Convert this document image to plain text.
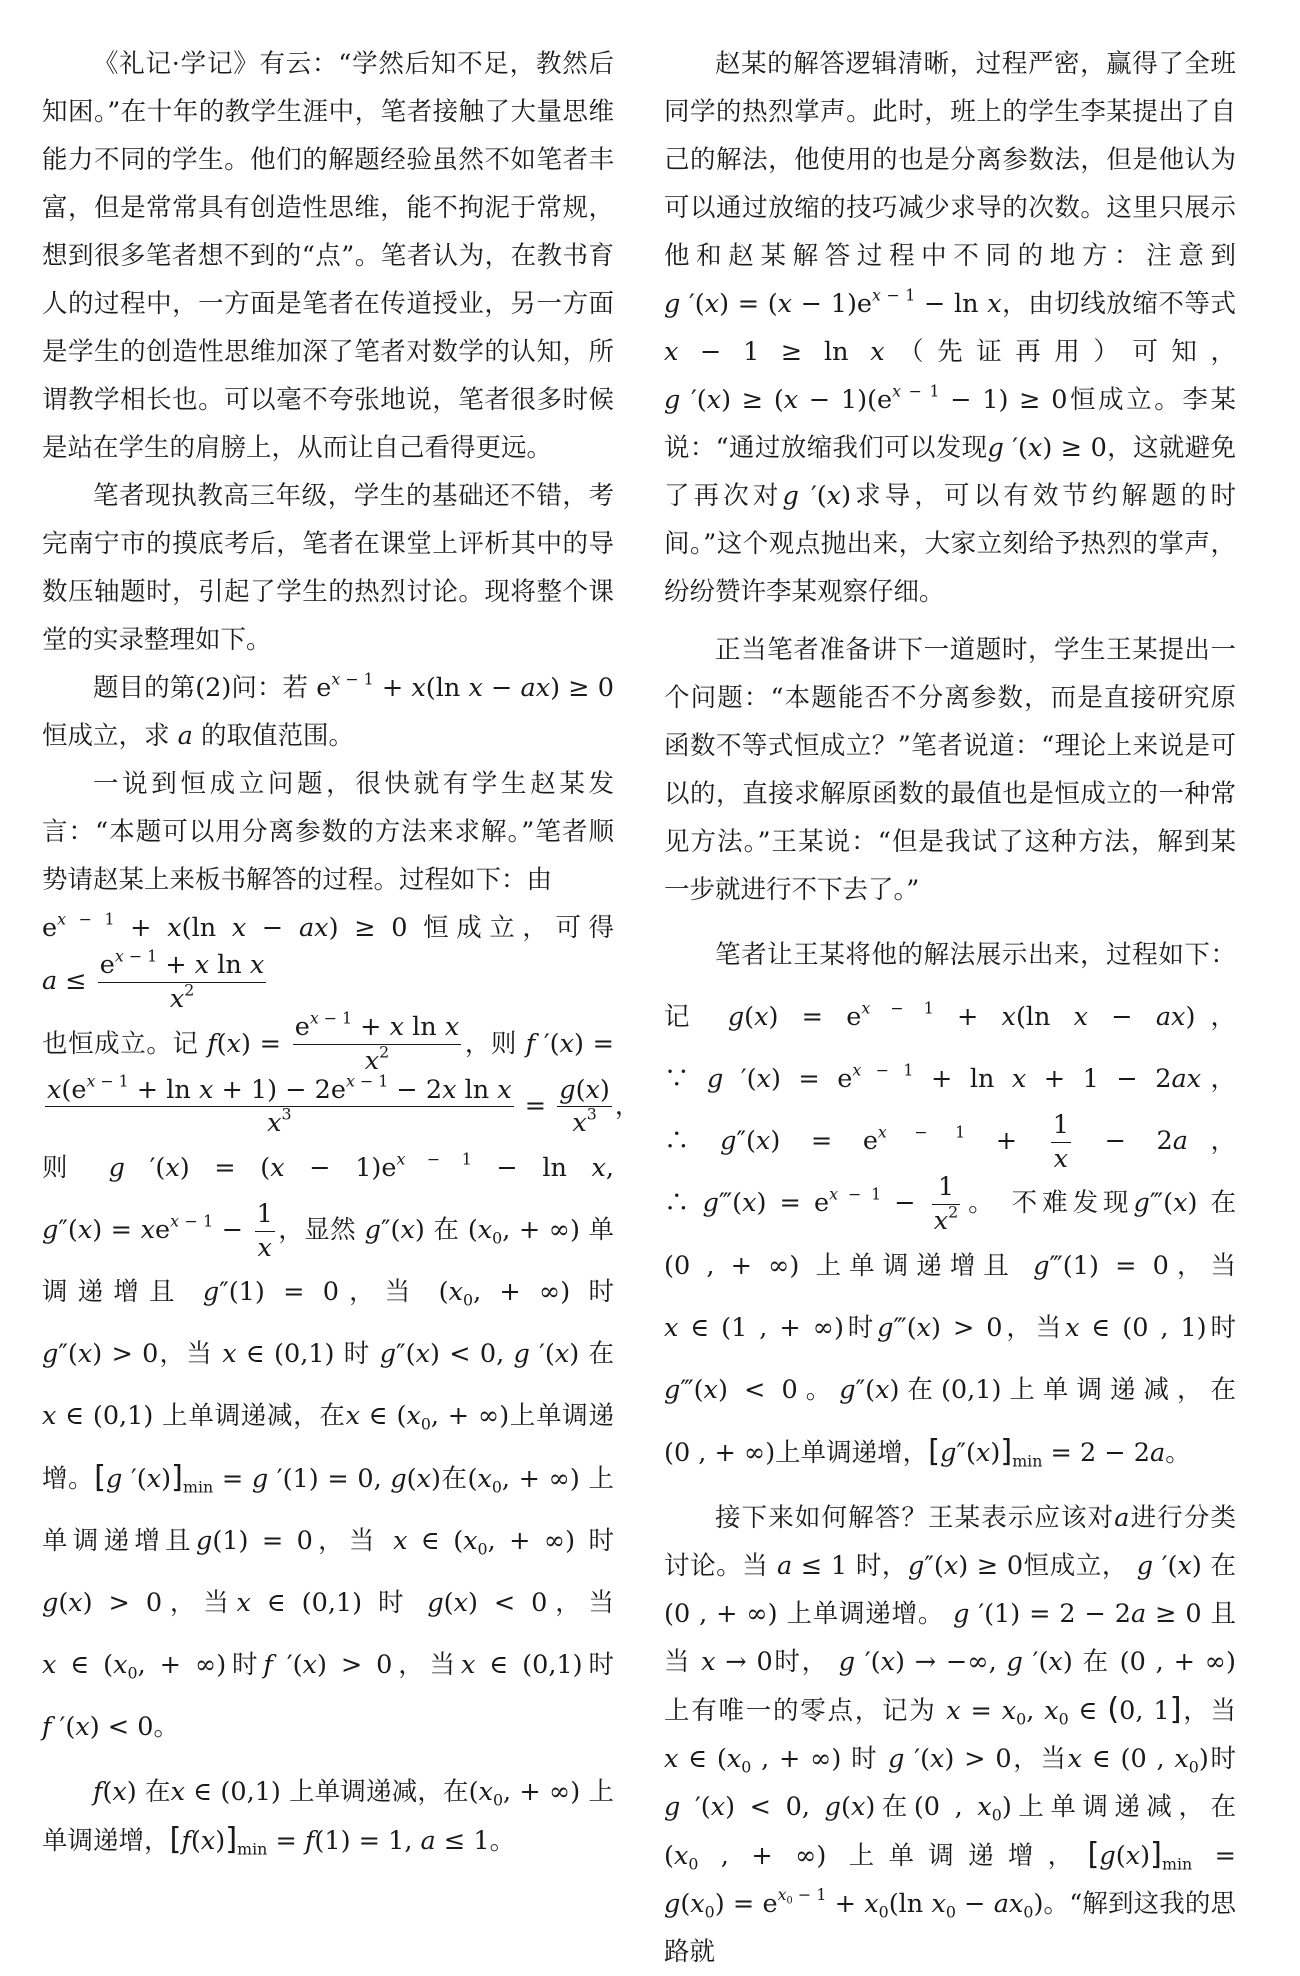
《礼记·学记》有云：“学然后知不足，教然后知困。”在十年的教学生涯中，笔者接触了大量思维能力不同的学生。他们的解题经验虽然不如笔者丰富，但是常常具有创造性思维，能不拘泥于常规，想到很多笔者想不到的“点”。笔者认为，在教书育人的过程中，一方面是笔者在传道授业，另一方面是学生的创造性思维加深了笔者对数学的认知，所谓教学相长也。可以毫不夸张地说，笔者很多时候是站在学生的肩膀上，从而让自己看得更远。

笔者现执教高三年级，学生的基础还不错，考完南宁市的摸底考后，笔者在课堂上评析其中的导数压轴题时，引起了学生的热烈讨论。现将整个课堂的实录整理如下。

题目的第(2)问：若 $e^{x - 1} + x(\ln$ x − ax) ≥ 0 恒成立，求 a 的取值范围。

一说到恒成立问题，很快就有学生赵某发言：“本题可以用分离参数的方法来求解。”笔者顺势请赵某上来板书解答的过程。过程如下：由
$e^{x - 1} + x(\ln$ x − ax) ≥ 0 恒成立，可得 $a \le \frac{e^{x - 1} + x \ln x}{x^2}$

也恒成立。记 $f(x) = \frac{e^{x - 1} + x \ln x}{x^2}$ ，则 f ′(x) =
$\frac{x(e^{x - 1} + \ln x + 1) - 2e^{x - 1} - 2x \ln x}{x^3} = \frac{g(x)}{x^3}$ ，则 g $'(x) = (x - 1)e^{x - 1} - \ln x$, $g''(x) = xe^{x - 1} - \frac{1}{x}$ ，显然 g″(x) 在 ($x_0$, + ∞) 单调递增且 g″(1) = 0，当 ($x_0$, + ∞) 时 g″(x) > 0，当 x ∈ (0,1) 时 g″(x) < 0, g ′(x) 在 x ∈ (0,1) 上单调递减，在x ∈ ($x_0$, + ∞)上单调递增。[g $'(x)]_{min} = g$ ′(1) = 0, g(x)在($x_0$, + ∞) 上单调递增且g(1) = 0，当 x ∈ ($x_0$, + ∞) 时 g(x) > 0，当x ∈ (0,1) 时 g(x) < 0，当 x ∈ ($x_0$, + ∞)时f ′(x) > 0，当x ∈ (0,1)时f ′(x) < 0。

f(x) 在x ∈ (0,1) 上单调递减，在($x_0$, + ∞) 上单调递增，$[f(x)]_{min} = f(1) = 1$, a ≤ 1。

赵某的解答逻辑清晰，过程严密，赢得了全班同学的热烈掌声。此时，班上的学生李某提出了自己的解法，他使用的也是分离参数法，但是他认为可以通过放缩的技巧减少求导的次数。这里只展示他和赵某解答过程中不同的地方：注意到 g $'(x) = (x - 1)e^{x - 1} - \ln x$，由切线放缩不等式 x − 1 ≥ ln x（先证再用）可知，g $'(x) \ge (x - 1)(e^{x - 1} - 1) \ge 0$恒成立。李某说：“通过放缩我们可以发现g ′(x) ≥ 0，这就避免了再次对g ′(x)求导，可以有效节约解题的时间。”这个观点抛出来，大家立刻给予热烈的掌声，纷纷赞许李某观察仔细。

正当笔者准备讲下一道题时，学生王某提出一个问题：“本题能否不分离参数，而是直接研究原函数不等式恒成立？”笔者说道：“理论上来说是可以的，直接求解原函数的最值也是恒成立的一种常见方法。”王某说：“但是我试了这种方法，解到某一步就进行不下去了。”

笔者让王某将他的解法展示出来，过程如下：记 $g(x) = e^{x - 1} + x(\ln$ x − ax)， ∵ g $'(x) = e^{x - 1} + \ln x + 1 - 2ax$， ∴ $g''(x) = e^{x - 1} + \frac{1}{x} - 2a$， ∴ g‴(x) = $e^{x - 1} - \frac{1}{x^2}$ 。 不难发现g‴(x) 在 (0 , + ∞) 上单调递增且 g‴(1) = 0，当x ∈ (1 , + ∞)时g‴(x) > 0，当x ∈ (0 , 1)时g‴(x) < 0。g″(x)在(0,1)上单调递减，在(0 , + ∞)上单调递增，$[g''(x)]_{min} = 2 - 2a$。

接下来如何解答？王某表示应该对a进行分类讨论。当 a ≤ 1 时，g″(x) ≥ 0恒成立， g ′(x) 在 (0 , + ∞) 上单调递增。 g ′(1) = 2 − 2a ≥ 0 且当 x → 0时， g ′(x) → −∞, g ′(x) 在 (0 , + ∞) 上有唯一的零点，记为 $x = x_0$, $x_0$ ∈ (0, 1]，当 x ∈ ($x_0$ , + ∞) 时 g ′(x) > 0，当x ∈ (0 , $x_0$)时g ′(x) < 0, g(x)在(0 , $x_0$)上单调递减，在 ($x_0$ , + ∞) 上单调递增，$[g(x)]_{min} = g(x_0) = e^{x_0 - 1} + x_0(\ln$ $x_0 - ax_0$)。“解到这我的思路就
